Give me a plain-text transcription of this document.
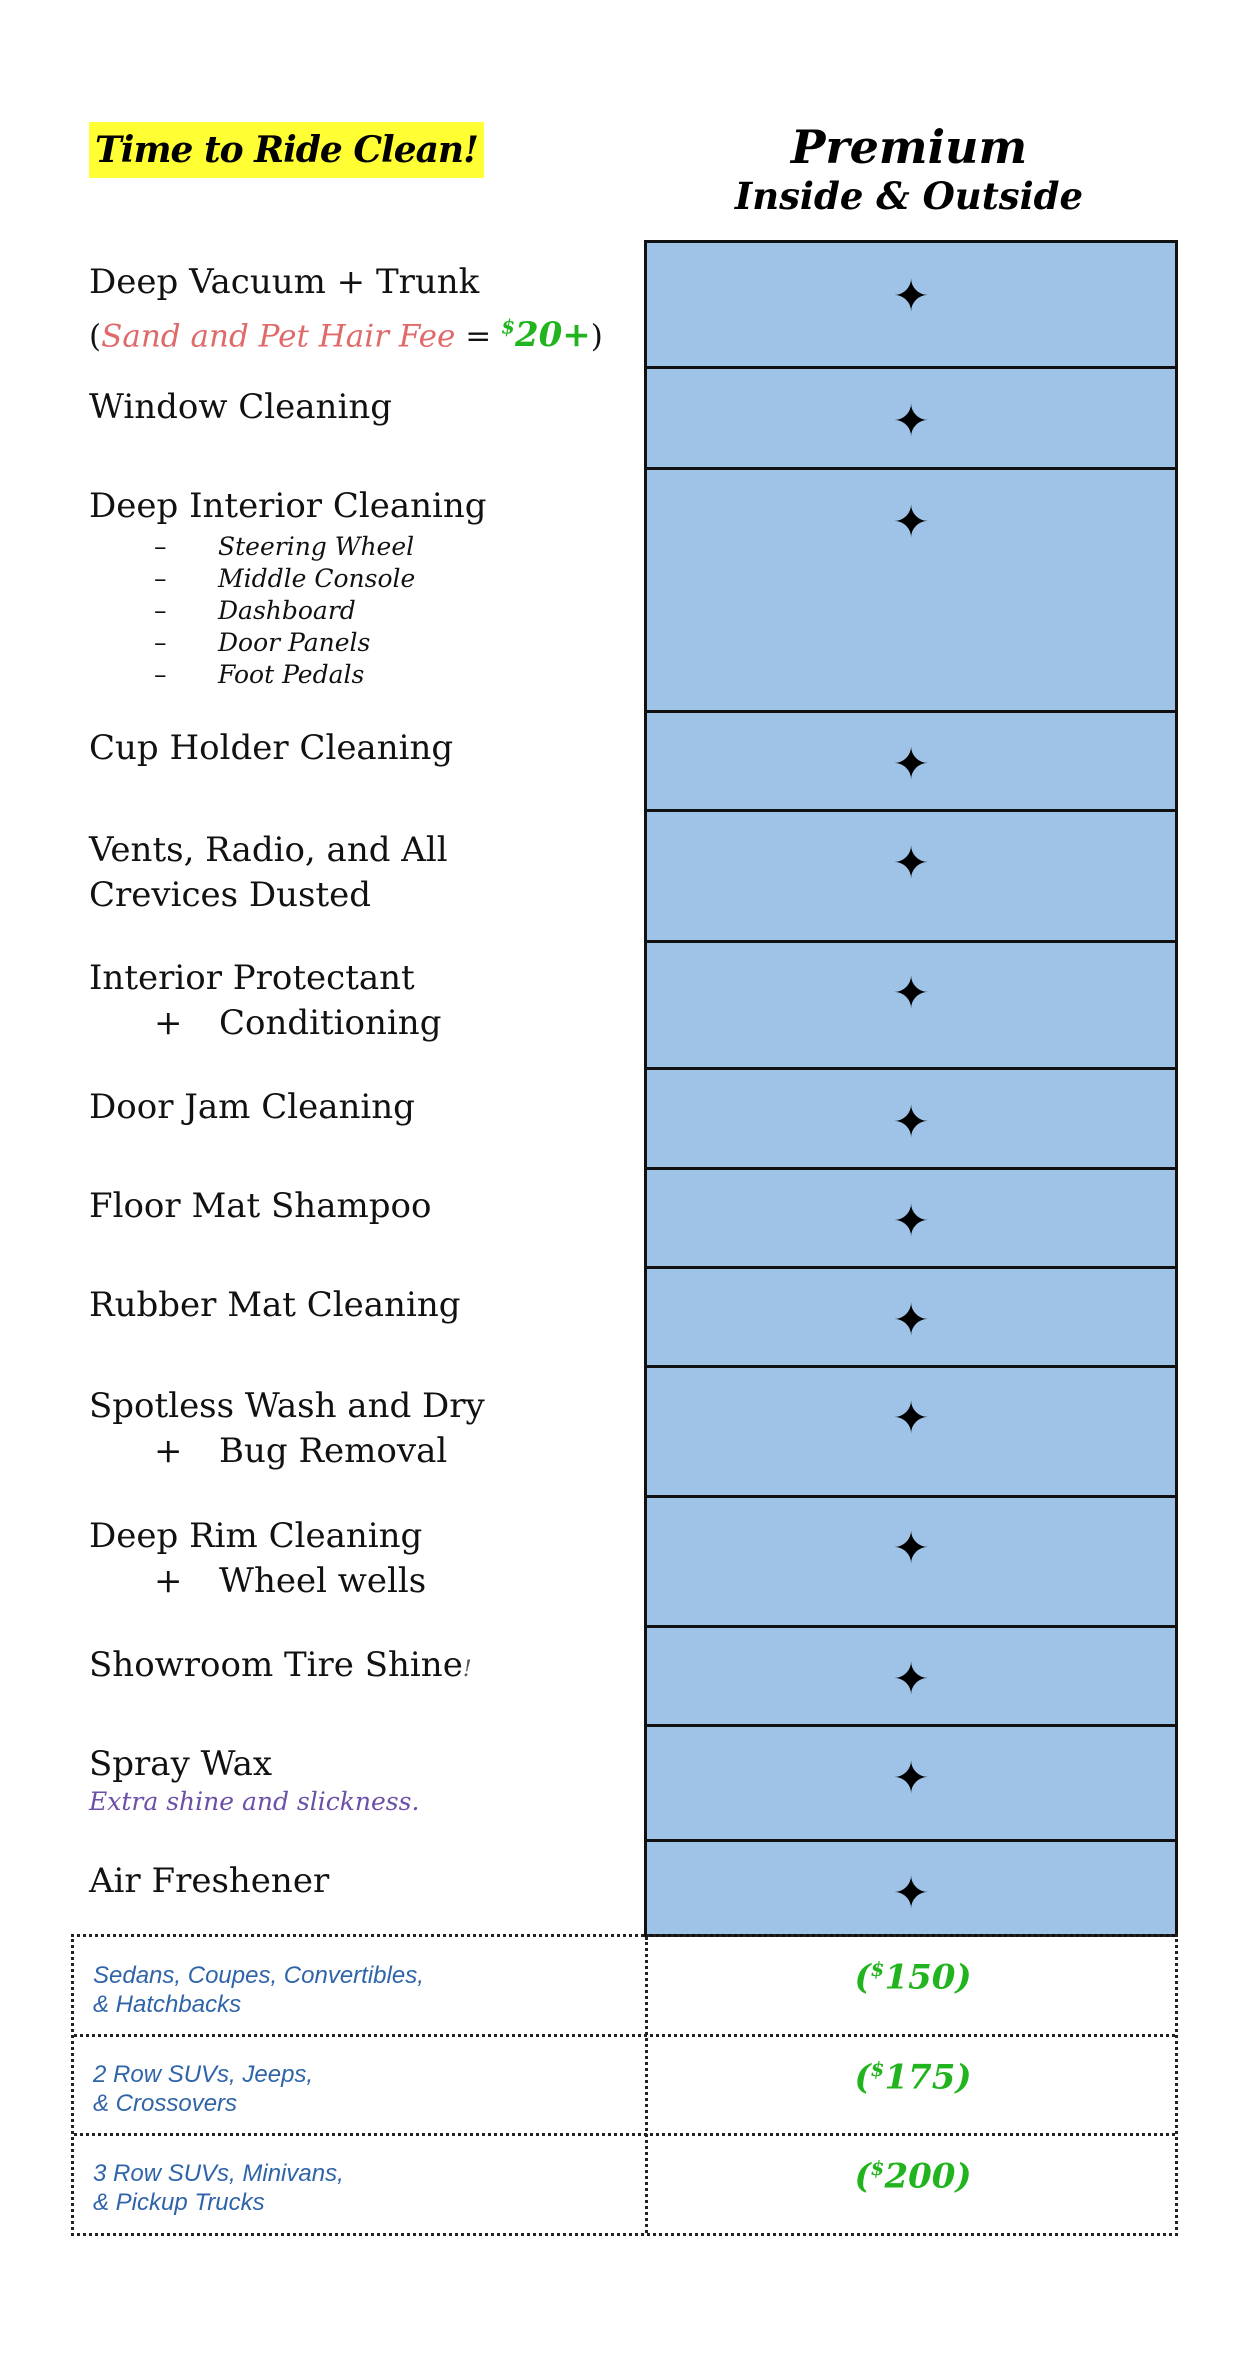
Time to Ride Clean!	Premium
Inside & Outside
Deep Vacuum + Trunk
(Sand and Pet Hair Fee = $20+)
Window Cleaning
Deep Interior Cleaning
– Steering Wheel
– Middle Console
– Dashboard
– Door Panels
– Foot Pedals
Cup Holder Cleaning
Vents, Radio, and All
Crevices Dusted
Interior Protectant
+ Conditioning
Door Jam Cleaning
Floor Mat Shampoo
Rubber Mat Cleaning
Spotless Wash and Dry
+ Bug Removal
Deep Rim Cleaning
+ Wheel wells
Showroom Tire Shine!
Spray Wax
Extra shine and slickness.
Air Freshener
✦
✦
✦
✦
✦
✦
✦
✦
✦
✦
✦
✦
✦
✦
Sedans, Coupes, Convertibles,
& Hatchbacks
($150)
2 Row SUVs, Jeeps,
& Crossovers
($175)
3 Row SUVs, Minivans,
& Pickup Trucks
($200)
